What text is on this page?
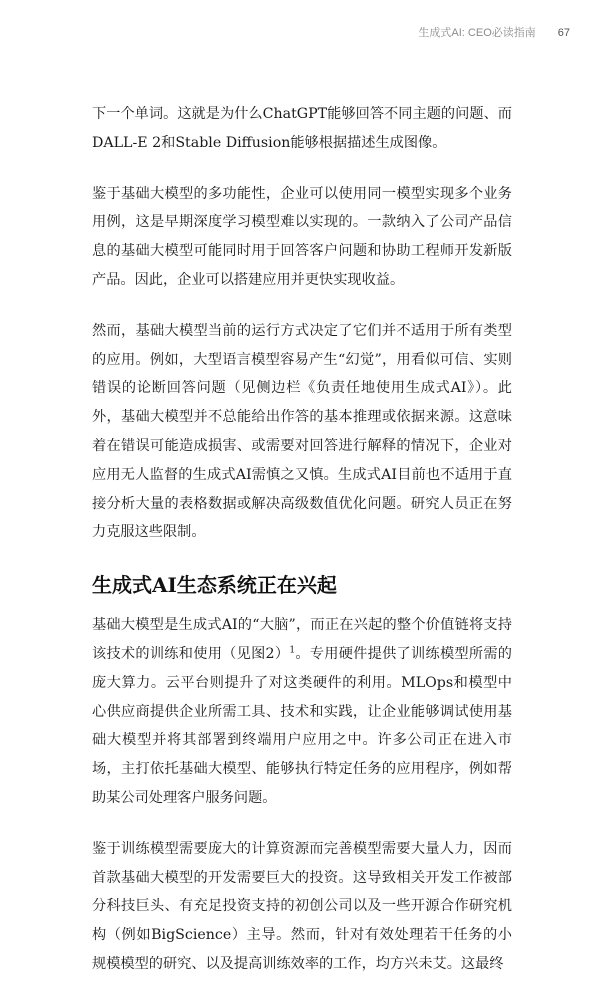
生成式AI: CEO必读指南 67

下一个单词。这就是为什么ChatGPT能够回答不同主题的问题、而DALL-E 2和Stable Diffusion能够根据描述生成图像。

鉴于基础大模型的多功能性，企业可以使用同一模型实现多个业务用例，这是早期深度学习模型难以实现的。一款纳入了公司产品信息的基础大模型可能同时用于回答客户问题和协助工程师开发新版产品。因此，企业可以搭建应用并更快实现收益。

然而，基础大模型当前的运行方式决定了它们并不适用于所有类型的应用。例如，大型语言模型容易产生“幻觉”，用看似可信、实则错误的论断回答问题（见侧边栏《负责任地使用生成式AI》）。此外，基础大模型并不总能给出作答的基本推理或依据来源。这意味着在错误可能造成损害、或需要对回答进行解释的情况下，企业对应用无人监督的生成式AI需慎之又慎。生成式AI目前也不适用于直接分析大量的表格数据或解决高级数值优化问题。研究人员正在努力克服这些限制。

生成式AI生态系统正在兴起

基础大模型是生成式AI的“大脑”，而正在兴起的整个价值链将支持该技术的训练和使用（见图2）$^1$。专用硬件提供了训练模型所需的庞大算力。云平台则提升了对这类硬件的利用。MLOps和模型中心供应商提供企业所需工具、技术和实践，让企业能够调试使用基础大模型并将其部署到终端用户应用之中。许多公司正在进入市场，主打依托基础大模型、能够执行特定任务的应用程序，例如帮助某公司处理客户服务问题。

鉴于训练模型需要庞大的计算资源而完善模型需要大量人力，因而首款基础大模型的开发需要巨大的投资。这导致相关开发工作被部分科技巨头、有充足投资支持的初创公司以及一些开源合作研究机构（例如BigScience）主导。然而，针对有效处理若干任务的小规模模型的研究、以及提高训练效率的工作，均方兴未艾。这最终
